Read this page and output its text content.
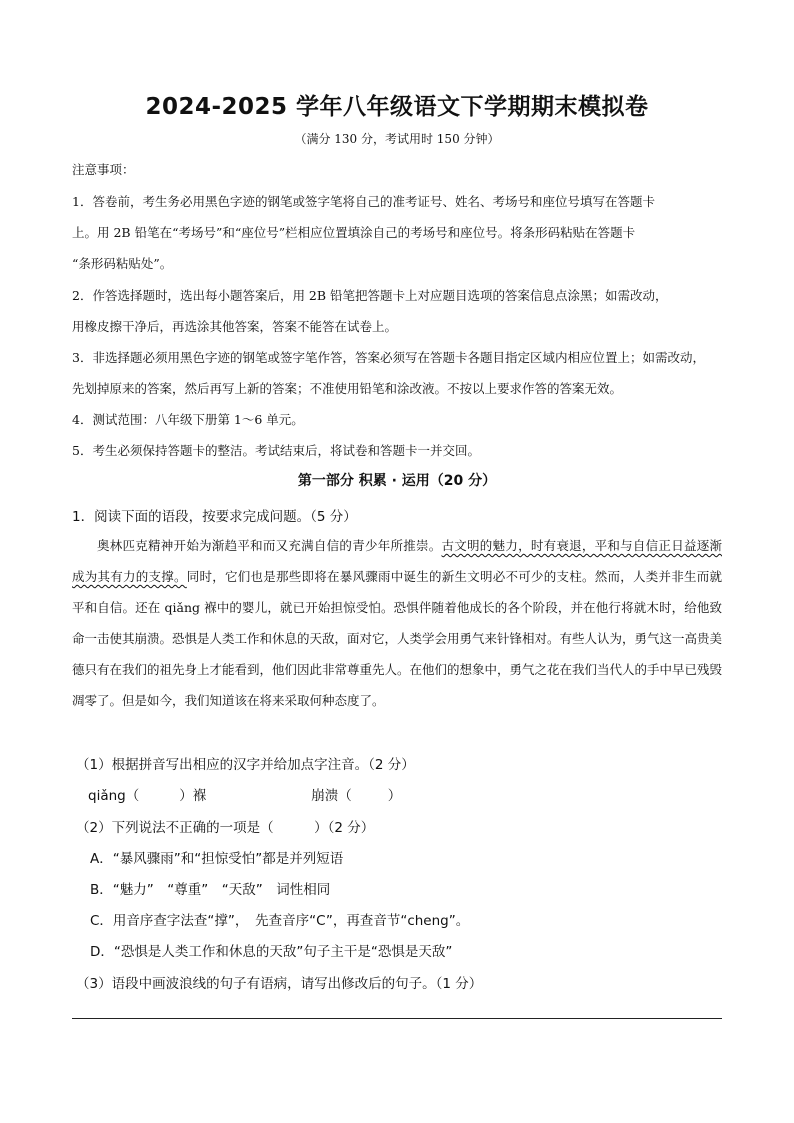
2024-2025 学年八年级语文下学期期末模拟卷
（满分 130 分，考试用时 150 分钟）
注意事项：
1．答卷前，考生务必用黑色字迹的钢笔或签字笔将自己的准考证号、姓名、考场号和座位号填写在答题卡
上。用 2B 铅笔在“考场号”和“座位号”栏相应位置填涂自己的考场号和座位号。将条形码粘贴在答题卡
“条形码粘贴处”。
2．作答选择题时，选出每小题答案后，用 2B 铅笔把答题卡上对应题目选项的答案信息点涂黑；如需改动，
用橡皮擦干净后，再选涂其他答案，答案不能答在试卷上。
3．非选择题必须用黑色字迹的钢笔或签字笔作答，答案必须写在答题卡各题目指定区域内相应位置上；如需改动，
先划掉原来的答案，然后再写上新的答案；不准使用铅笔和涂改液。不按以上要求作答的答案无效。
4．测试范围：八年级下册第 1～6 单元。
5．考生必须保持答题卡的整洁。考试结束后，将试卷和答题卡一并交回。
第一部分 积累 · 运用（20 分）
1．阅读下面的语段，按要求完成问题。（5 分）
奥林匹克精神开始为渐趋平和而又充满自信的青少年所推崇。古文明的魅力，时有衰退，平和与自信正日益逐渐成为其有力的支撑。同时，它们也是那些即将在暴风骤雨中诞生的新生文明必不可少的支柱。然而，人类并非生而就平和自信。还在 qiǎng 褓中的婴儿，就已开始担惊受怕。恐惧伴随着他成长的各个阶段，并在他行将就木时，给他致命一击使其崩溃。恐惧是人类工作和休息的天敌，面对它，人类学会用勇气来针锋相对。有些人认为，勇气这一高贵美德只有在我们的祖先身上才能看到，他们因此非常尊重先人。在他们的想象中，勇气之花在我们当代人的手中早已残毁凋零了。但是如今，我们知道该在将来采取何种态度了。
（1）根据拼音写出相应的汉字并给加点字注音。（2 分）
qiǎng（	）褓	崩溃（	）
（2）下列说法不正确的一项是（　　　）（2 分）
A．“暴风骤雨”和“担惊受怕”都是并列短语
B．“魅力”　“尊重”　“天敌”　词性相同
C．用音序查字法查“撑”，　先查音序“C”，再查音节“cheng”。
D．“恐惧是人类工作和休息的天敌”句子主干是“恐惧是天敌”
（3）语段中画波浪线的句子有语病，请写出修改后的句子。（1 分）
